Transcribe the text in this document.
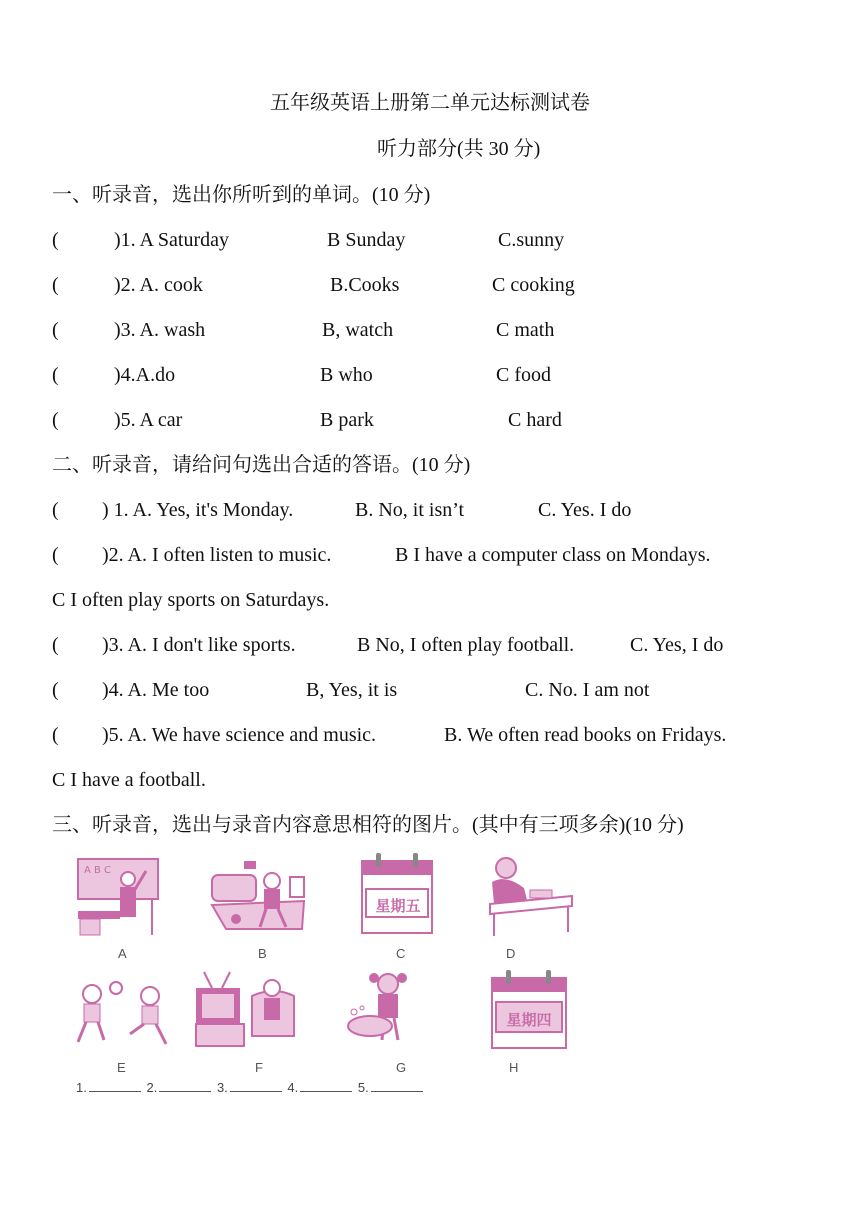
五年级英语上册第二单元达标测试卷
听力部分(共 30 分)
一、听录音，选出你所听到的单词。(10 分)
(	)1. A Saturday	B Sunday	C.sunny
(	)2. A. cook	B.Cooks	C cooking
(	)3. A. wash	B, watch	C math
(	)4.A.do	B who	C food
(	)5. A car	B park	C hard
二、听录音，请给问句选出合适的答语。(10 分)
( ) 1. A. Yes, it's Monday.	B. No, it isn’t	C. Yes. I do
( )2. A. I often listen to music.	B I have a computer class on Mondays.
C I often play sports on Saturdays.
( )3. A. I don't like sports.	B No, I often play football.	C. Yes, I do
( )4. A. Me too	B, Yes, it is	C. No. I am not
( )5. A. We have science and music.	B. We often read books on Fridays.
C I have a football.
三、听录音，选出与录音内容意思相符的图片。(其中有三项多余)(10 分)
A B C
A	B
星期五
C	D
E	F	G
星期四
H
1.	2.	3.	4.	5.
